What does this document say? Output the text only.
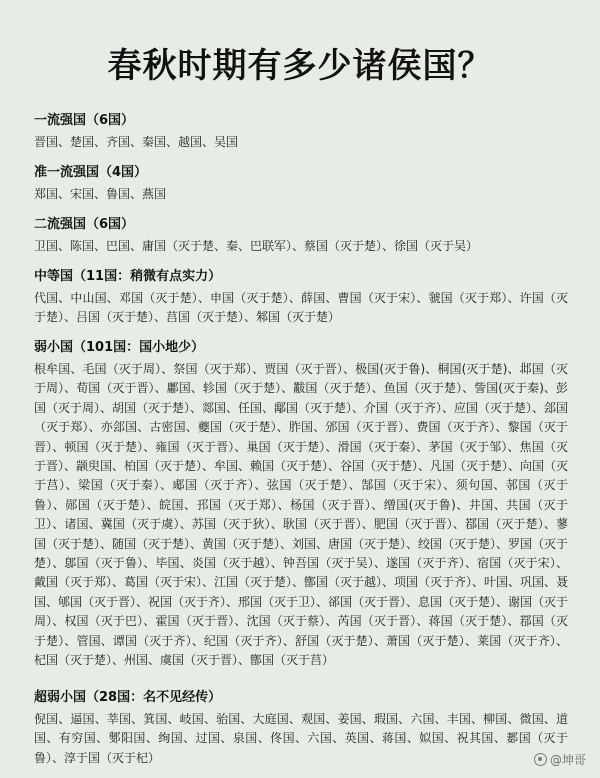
春秋时期有多少诸侯国？
一流强国（6国）
晋国、楚国、齐国、秦国、越国、吴国
准一流强国（4国）
郑国、宋国、鲁国、燕国
二流强国（6国）
卫国、陈国、巴国、庸国（灭于楚、秦、巴联军）、蔡国（灭于楚）、徐国（灭于吴）
中等国（11国：稍微有点实力）
代国、中山国、邓国（灭于楚）、申国（灭于楚）、薛国、曹国（灭于宋）、虢国（灭于郑）、许国（灭于楚）、吕国（灭于楚）、莒国（灭于楚）、邾国（灭于楚）
弱小国（101国：国小地少）
根牟国、毛国（灭于周）、祭国（灭于郑）、贾国（灭于晋）、极国(灭于鲁)、桐国(灭于楚)、邶国（灭于周）、荀国（灭于晋）、鄘国、轸国（灭于楚）、黻国（灭于楚）、鱼国（灭于楚）、訾国(灭于秦)、彭国（灭于周）、胡国（灭于楚）、郯国、任国、鄅国（灭于楚）、介国（灭于齐）、应国（灭于楚）、郐国（灭于郑）、亦郐国、古密国、夔国（灭于楚）、胙国、邠国（灭于晋）、费国（灭于齐）、黎国（灭于晋）、顿国（灭于楚）、雍国（灭于晋）、巢国（灭于楚）、滑国（灭于秦）、茅国（灭于邹）、焦国（灭于晋）、颛臾国、柏国（灭于楚）、牟国、赖国（灭于楚）、谷国（灭于楚）、凡国（灭于楚）、向国（灭于莒）、梁国（灭于秦）、郕国（灭于齐）、弦国（灭于楚）、郜国（灭于宋）、须句国、邿国（灭于鲁）、郧国（灭于楚）、皖国、邘国（灭于郑）、杨国（灭于晋）、缯国(灭于鲁)、井国、共国（灭于卫）、诸国、冀国（灭于虞）、苏国（灭于狄）、耿国（灭于晋）、肥国（灭于晋）、鄀国（灭于楚）、蓼国（灭于楚）、随国（灭于楚）、黄国（灭于楚）、刘国、唐国（灭于楚）、绞国（灭于楚）、罗国（灭于楚）、鄎国（灭于鲁）、毕国、炎国（灭于越）、钟吾国（灭于吴）、遂国（灭于齐）、宿国（灭于宋）、戴国（灭于郑）、葛国（灭于宋）、江国（灭于楚）、鄫国（灭于越）、项国（灭于齐）、叶国、巩国、聂国、郇国（灭于晋）、祝国（灭于齐）、邢国（灭于卫）、郤国（灭于晋）、息国（灭于楚）、谢国（灭于周）、权国（灭于巴）、霍国（灭于晋）、沈国（灭于蔡）、芮国（灭于晋）、蒋国（灭于楚）、鄀国（灭于楚）、管国、谭国（灭于齐）、纪国（灭于齐）、舒国（灭于楚）、萧国（灭于楚）、莱国（灭于齐）、杞国（灭于楚）、州国、虞国（灭于晋）、鄫国（灭于莒）
超弱小国（28国：名不见经传）
倪国、逼国、莘国、箕国、岐国、骀国、大庭国、观国、姜国、瑕国、六国、丰国、柳国、微国、道国、有穷国、鄋阳国、绚国、过国、泉国、佟国、六国、英国、蒋国、姒国、祝其国、郪国（灭于鲁）、淳于国（灭于杞）	@坤哥
